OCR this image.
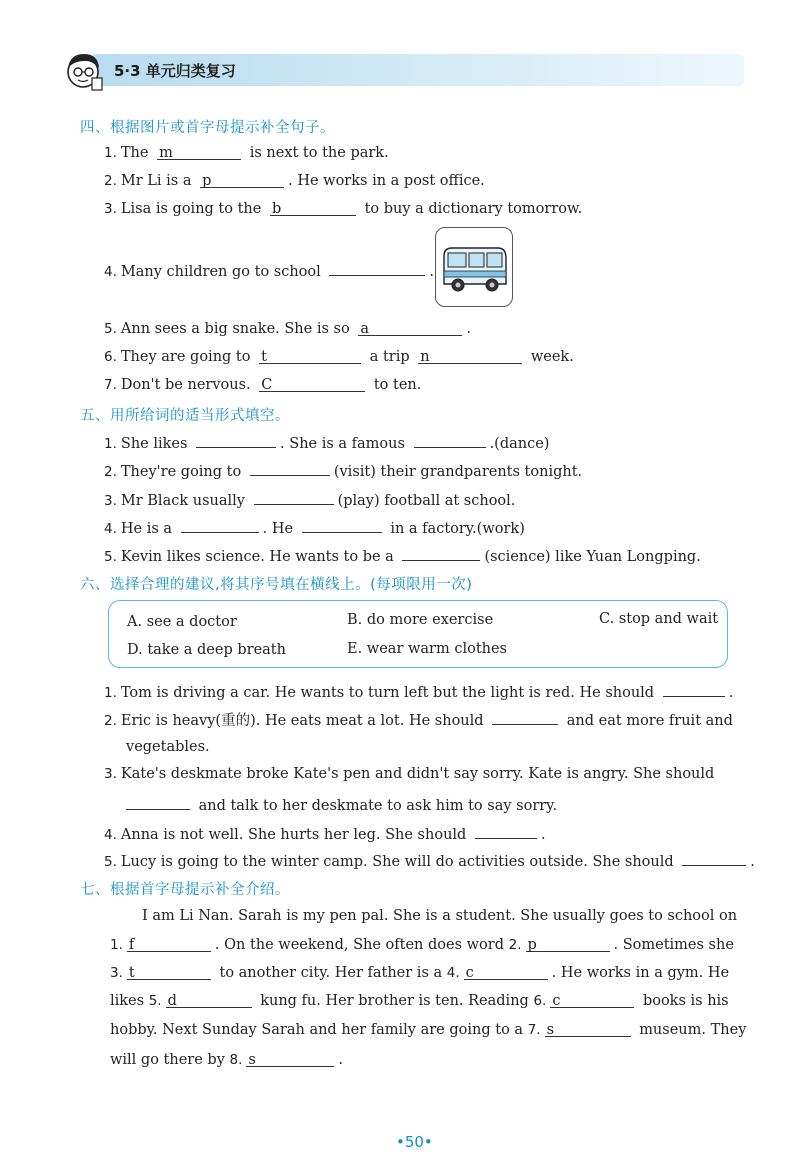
5·3 单元归类复习
四、根据图片或首字母提示补全句子。
1. The m	is next to the park.
2. Mr Li is a p	. He works in a post office.
3. Lisa is going to the b	to buy a dictionary tomorrow.
4. Many children go to school	.
5. Ann sees a big snake. She is so a	.
6. They are going to t	a trip n	week.
7. Don't be nervous. C	to ten.
五、用所给词的适当形式填空。
1. She likes	. She is a famous	.(dance)
2. They're going to	(visit) their grandparents tonight.
3. Mr Black usually	(play) football at school.
4. He is a	. He	in a factory.(work)
5. Kevin likes science. He wants to be a	(science) like Yuan Longping.
六、选择合理的建议,将其序号填在横线上。(每项限用一次)
A. see a doctor	B. do more exercise	C. stop and wait
D. take a deep breath	E. wear warm clothes
1. Tom is driving a car. He wants to turn left but the light is red. He should	.
2. Eric is heavy(重的). He eats meat a lot. He should	and eat more fruit and
vegetables.
3. Kate's deskmate broke Kate's pen and didn't say sorry. Kate is angry. She should
and talk to her deskmate to ask him to say sorry.
4. Anna is not well. She hurts her leg. She should	.
5. Lucy is going to the winter camp. She will do activities outside. She should	.
七、根据首字母提示补全介绍。
I am Li Nan. Sarah is my pen pal. She is a student. She usually goes to school on
1. f	. On the weekend, She often does word 2. p	. Sometimes she
3. t	to another city. Her father is a 4. c	. He works in a gym. He
likes 5. d	kung fu. Her brother is ten. Reading 6. c	books is his
hobby. Next Sunday Sarah and her family are going to a 7. s	museum. They
will go there by 8. s	.
•50•
